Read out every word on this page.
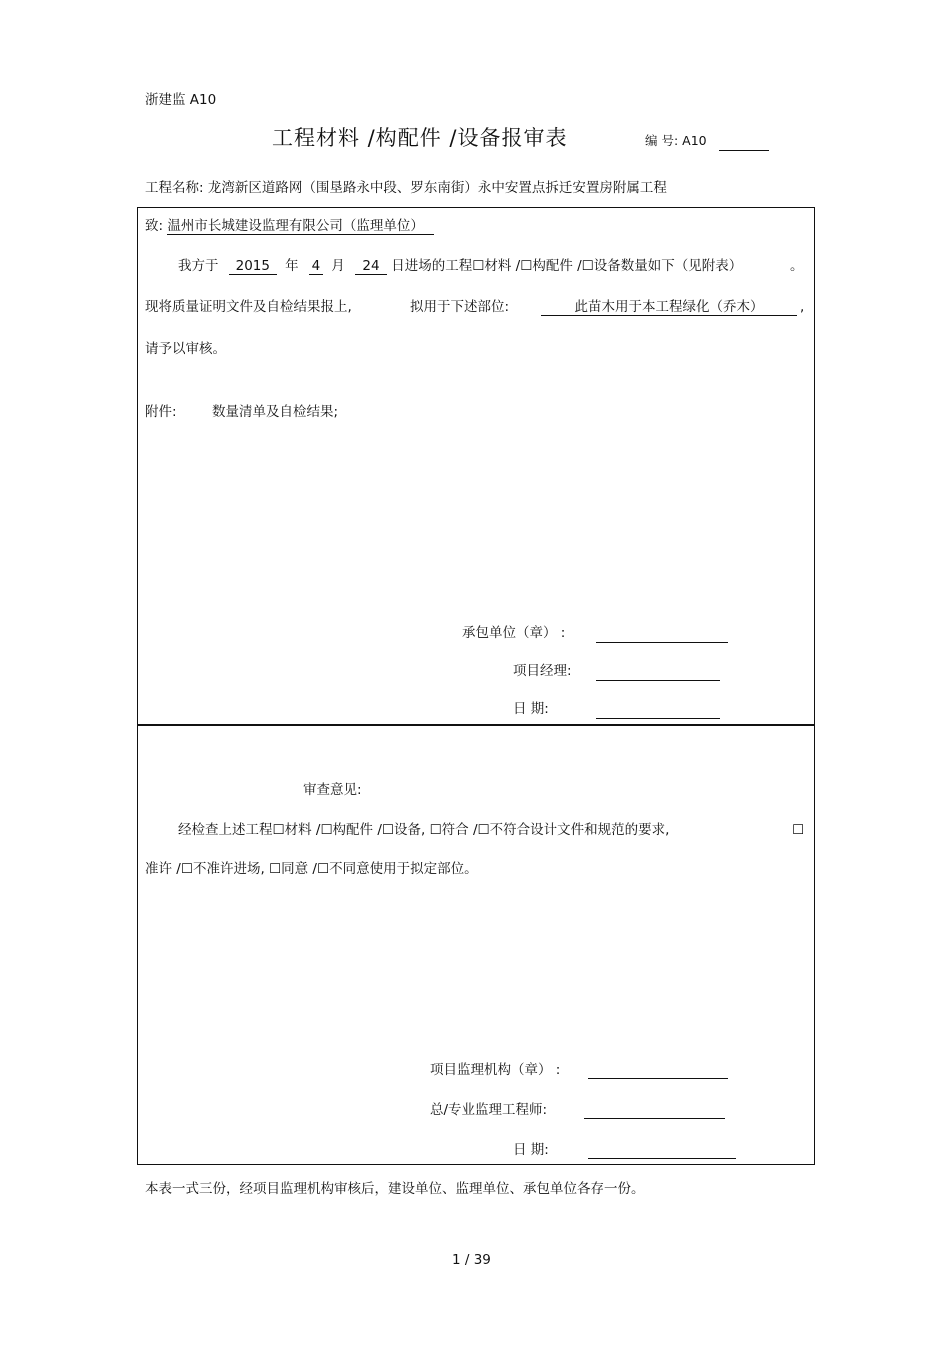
浙建监 A10
工程材料 /构配件 /设备报审表	编 号: A10
工程名称: 龙湾新区道路网（围垦路永中段、罗东南街）永中安置点拆迁安置房附属工程
致: 温州市长城建设监理有限公司（监理单位）
我方于 2015 年 4 月 24 日进场的工程☐材料 /☐构配件 /☐设备数量如下（见附表）	。
现将质量证明文件及自检结果报上,	拟用于下述部位:	此苗木用于本工程绿化（乔木）	,
请予以审核。
附件:	数量清单及自检结果;
承包单位（章） :
项目经理:
日 期:
审查意见:
经检查上述工程☐材料 /☐构配件 /☐设备, ☐符合 /☐不符合设计文件和规范的要求,	☐
准许 /☐不准许进场, ☐同意 /☐不同意使用于拟定部位。
项目监理机构（章） :
总/专业监理工程师:
日 期:
本表一式三份，经项目监理机构审核后，建设单位、监理单位、承包单位各存一份。
1 / 39
